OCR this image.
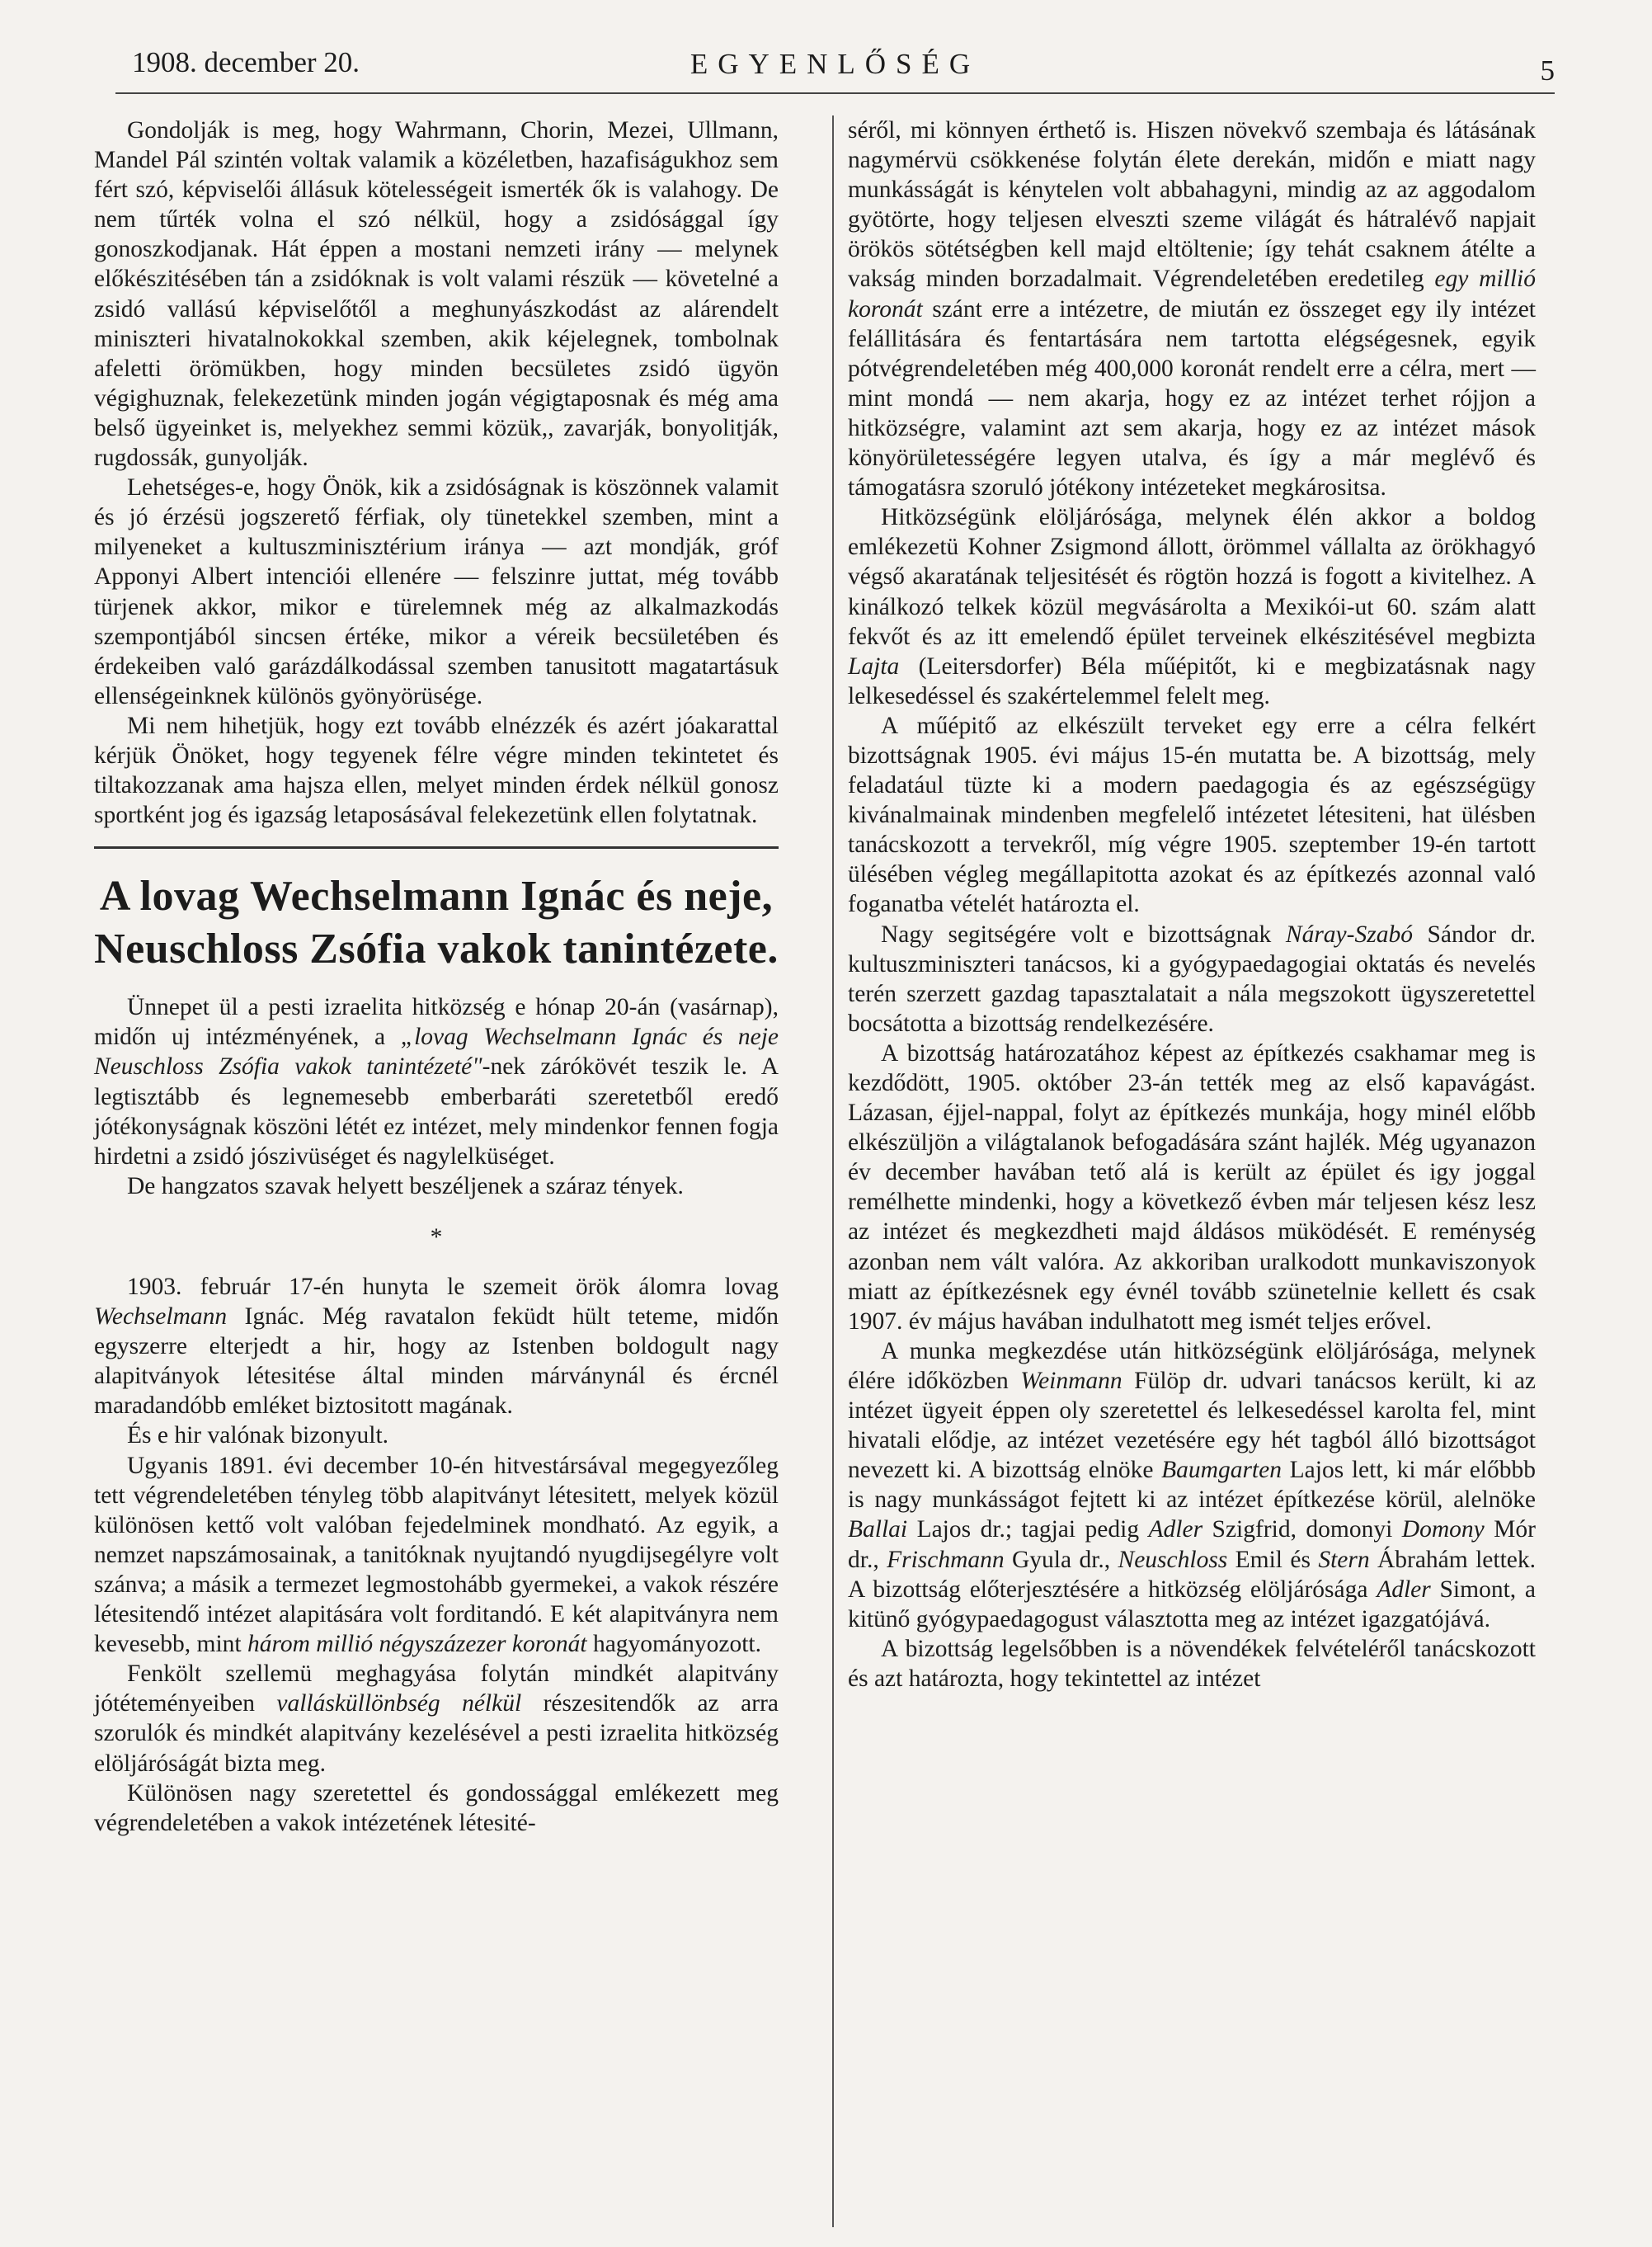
1908. december 20.	EGYENLŐSÉG	5

Gondolják is meg, hogy Wahrmann, Chorin, Mezei, Ullmann, Mandel Pál szintén voltak valamik a közéletben, hazafiságukhoz sem fért szó, képviselői állásuk kötelességeit ismerték ők is valahogy. De nem tűrték volna el szó nélkül, hogy a zsidósággal így gonoszkodjanak. Hát éppen a mostani nemzeti irány — melynek előkészitésében tán a zsidóknak is volt valami részük — követelné a zsidó vallású képviselőtől a meghunyászkodást az alárendelt miniszteri hivatalnokokkal szemben, akik kéjelegnek, tombolnak afeletti örömükben, hogy minden becsületes zsidó ügyön végighuznak, felekezetünk minden jogán végigtaposnak és még ama belső ügyeinket is, melyekhez semmi közük,, zavarják, bonyolitják, rugdossák, gunyolják.

Lehetséges-e, hogy Önök, kik a zsidóságnak is köszönnek valamit és jó érzésü jogszerető férfiak, oly tünetekkel szemben, mint a milyeneket a kultuszminisztérium iránya — azt mondják, gróf Apponyi Albert intenciói ellenére — felszinre juttat, még tovább türjenek akkor, mikor e türelemnek még az alkalmazkodás szempontjából sincsen értéke, mikor a véreik becsületében és érdekeiben való garázdálkodással szemben tanusitott magatartásuk ellenségeinknek különös gyönyörüsége.

Mi nem hihetjük, hogy ezt tovább elnézzék és azért jóakarattal kérjük Önöket, hogy tegyenek félre végre minden tekintetet és tiltakozzanak ama hajsza ellen, melyet minden érdek nélkül gonosz sportként jog és igazság letaposásával felekezetünk ellen folytatnak.

A lovag Wechselmann Ignác és neje, Neuschloss Zsófia vakok tanintézete.

Ünnepet ül a pesti izraelita hitközség e hónap 20-án (vasárnap), midőn uj intézményének, a „lovag Wechselmann Ignác és neje Neuschloss Zsófia vakok tanintézeté"-nek zárókövét teszik le. A legtisztább és legnemesebb emberbaráti szeretetből eredő jótékonyságnak köszöni létét ez intézet, mely mindenkor fennen fogja hirdetni a zsidó jószivüséget és nagylelküséget.

De hangzatos szavak helyett beszéljenek a száraz tények.

*

1903. február 17-én hunyta le szemeit örök álomra lovag Wechselmann Ignác. Még ravatalon feküdt hült teteme, midőn egyszerre elterjedt a hir, hogy az Istenben boldogult nagy alapitványok létesitése által minden márványnál és ércnél maradandóbb emléket biztositott magának.

És e hir valónak bizonyult.

Ugyanis 1891. évi december 10-én hitvestársával megegyezőleg tett végrendeletében tényleg több alapitványt létesitett, melyek közül különösen kettő volt valóban fejedelminek mondható. Az egyik, a nemzet napszámosainak, a tanitóknak nyujtandó nyugdijsegélyre volt szánva; a másik a termezet legmostohább gyermekei, a vakok részére létesitendő intézet alapitására volt forditandó. E két alapitványra nem kevesebb, mint három millió négyszázezer koronát hagyományozott.

Fenkölt szellemü meghagyása folytán mindkét alapitvány jótéteményeiben vallásküllönbség nélkül részesitendők az arra szorulók és mindkét alapitvány kezelésével a pesti izraelita hitközség elöljáróságát bizta meg.

Különösen nagy szeretettel és gondossággal emlékezett meg végrendeletében a vakok intézetének létesité-

séről, mi könnyen érthető is. Hiszen növekvő szembaja és látásának nagymérvü csökkenése folytán élete derekán, midőn e miatt nagy munkásságát is kénytelen volt abbahagyni, mindig az az aggodalom gyötörte, hogy teljesen elveszti szeme világát és hátralévő napjait örökös sötétségben kell majd eltöltenie; így tehát csaknem átélte a vakság minden borzadalmait. Végrendeletében eredetileg egy millió koronát szánt erre a intézetre, de miután ez összeget egy ily intézet felállitására és fentartására nem tartotta elégségesnek, egyik pótvégrendeletében még 400,000 koronát rendelt erre a célra, mert — mint mondá — nem akarja, hogy ez az intézet terhet rójjon a hitközségre, valamint azt sem akarja, hogy ez az intézet mások könyörületességére legyen utalva, és így a már meglévő és támogatásra szoruló jótékony intézeteket megkárositsa.

Hitközségünk elöljárósága, melynek élén akkor a boldog emlékezetü Kohner Zsigmond állott, örömmel vállalta az örökhagyó végső akaratának teljesitését és rögtön hozzá is fogott a kivitelhez. A kinálkozó telkek közül megvásárolta a Mexikói-ut 60. szám alatt fekvőt és az itt emelendő épület terveinek elkészitésével megbizta Lajta (Leitersdorfer) Béla műépitőt, ki e megbizatásnak nagy lelkesedéssel és szakértelemmel felelt meg.

A műépitő az elkészült terveket egy erre a célra felkért bizottságnak 1905. évi május 15-én mutatta be. A bizottság, mely feladatául tüzte ki a modern paedagogia és az egészségügy kivánalmainak mindenben megfelelő intézetet létesiteni, hat ülésben tanácskozott a tervekről, míg végre 1905. szeptember 19-én tartott ülésében végleg megállapitotta azokat és az építkezés azonnal való foganatba vételét határozta el.

Nagy segitségére volt e bizottságnak Náray-Szabó Sándor dr. kultuszminiszteri tanácsos, ki a gyógypaedagogiai oktatás és nevelés terén szerzett gazdag tapasztalatait a nála megszokott ügyszeretettel bocsátotta a bizottság rendelkezésére.

A bizottság határozatához képest az építkezés csakhamar meg is kezdődött, 1905. október 23-án tették meg az első kapavágást. Lázasan, éjjel-nappal, folyt az építkezés munkája, hogy minél előbb elkészüljön a világtalanok befogadására szánt hajlék. Még ugyanazon év december havában tető alá is került az épület és igy joggal remélhette mindenki, hogy a következő évben már teljesen kész lesz az intézet és megkezdheti majd áldásos müködését. E reménység azonban nem vált valóra. Az akkoriban uralkodott munkaviszonyok miatt az építkezésnek egy évnél tovább szünetelnie kellett és csak 1907. év május havában indulhatott meg ismét teljes erővel.

A munka megkezdése után hitközségünk elöljárósága, melynek élére időközben Weinmann Fülöp dr. udvari tanácsos került, ki az intézet ügyeit éppen oly szeretettel és lelkesedéssel karolta fel, mint hivatali elődje, az intézet vezetésére egy hét tagból álló bizottságot nevezett ki. A bizottság elnöke Baumgarten Lajos lett, ki már előbbb is nagy munkásságot fejtett ki az intézet építkezése körül, alelnöke Ballai Lajos dr.; tagjai pedig Adler Szigfrid, domonyi Domony Mór dr., Frischmann Gyula dr., Neuschloss Emil és Stern Ábrahám lettek. A bizottság előterjesztésére a hitközség elöljárósága Adler Simont, a kitünő gyógypaedagogust választotta meg az intézet igazgatójává.

A bizottság legelsőbben is a növendékek felvételéről tanácskozott és azt határozta, hogy tekintettel az intézet
